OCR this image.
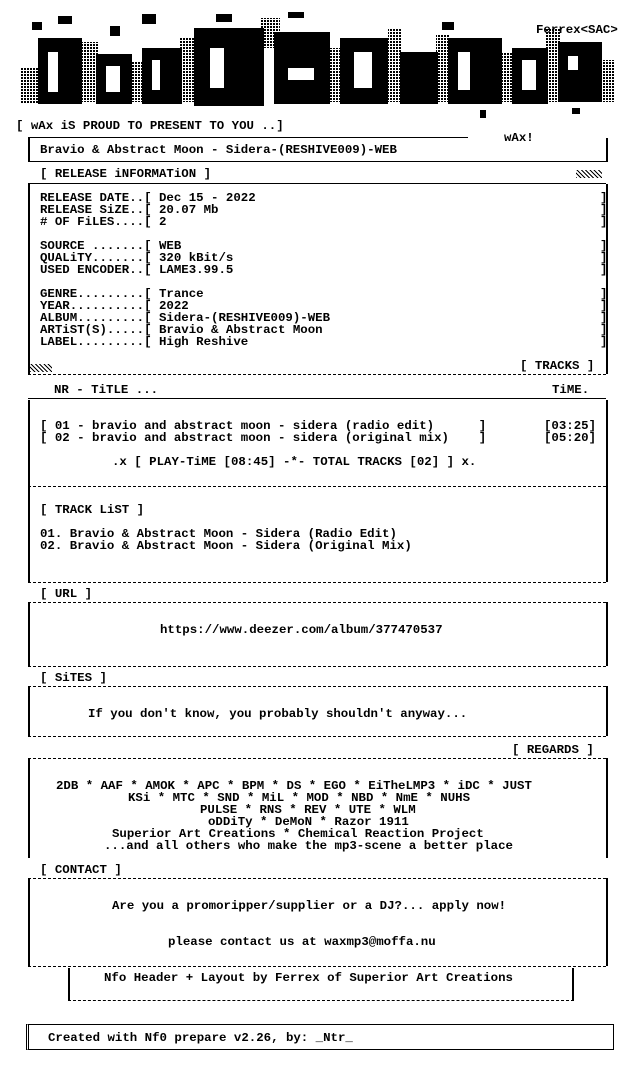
Ferrex<SAC>
[ wAx iS PROUD TO PRESENT TO YOU ..]
wAx!
Bravio & Abstract Moon - Sidera-(RESHIVE009)-WEB
[ RELEASE iNFORMATiON ]
RELEASE DATE..[ Dec 15 - 2022
RELEASE SiZE..[ 20.07 Mb
# OF FiLES....[ 2
SOURCE .......[ WEB
QUALiTY.......[ 320 kBit/s
USED ENCODER..[ LAME3.99.5
GENRE.........[ Trance
YEAR..........[ 2022
ALBUM.........[ Sidera-(RESHIVE009)-WEB
ARTiST(S).....[ Bravio & Abstract Moon
LABEL.........[ High Reshive
]
]
]
]
]
]
]
]
]
]
]
[ TRACKS ]
NR - TiTLE ...	TiME.
[ 01 - bravio and abstract moon - sidera (radio edit)      ]	[03:25]
[ 02 - bravio and abstract moon - sidera (original mix)    ]	[05:20]
.x [ PLAY-TiME [08:45] -*- TOTAL TRACKS [02] ] x.
[ TRACK LiST ]
01. Bravio & Abstract Moon - Sidera (Radio Edit)
02. Bravio & Abstract Moon - Sidera (Original Mix)
[ URL ]
https://www.deezer.com/album/377470537
[ SiTES ]
If you don't know, you probably shouldn't anyway...
[ REGARDS ]
2DB * AAF * AMOK * APC * BPM * DS * EGO * EiTheLMP3 * iDC * JUST
KSi * MTC * SND * MiL * MOD * NBD * NmE * NUHS
PULSE * RNS * REV * UTE * WLM
oDDiTy * DeMoN * Razor 1911
Superior Art Creations * Chemical Reaction Project
...and all others who make the mp3-scene a better place
[ CONTACT ]
Are you a promoripper/supplier or a DJ?... apply now!
please contact us at waxmp3@moffa.nu
Nfo Header + Layout by Ferrex of Superior Art Creations
Created with Nf0 prepare v2.26, by: _Ntr_
